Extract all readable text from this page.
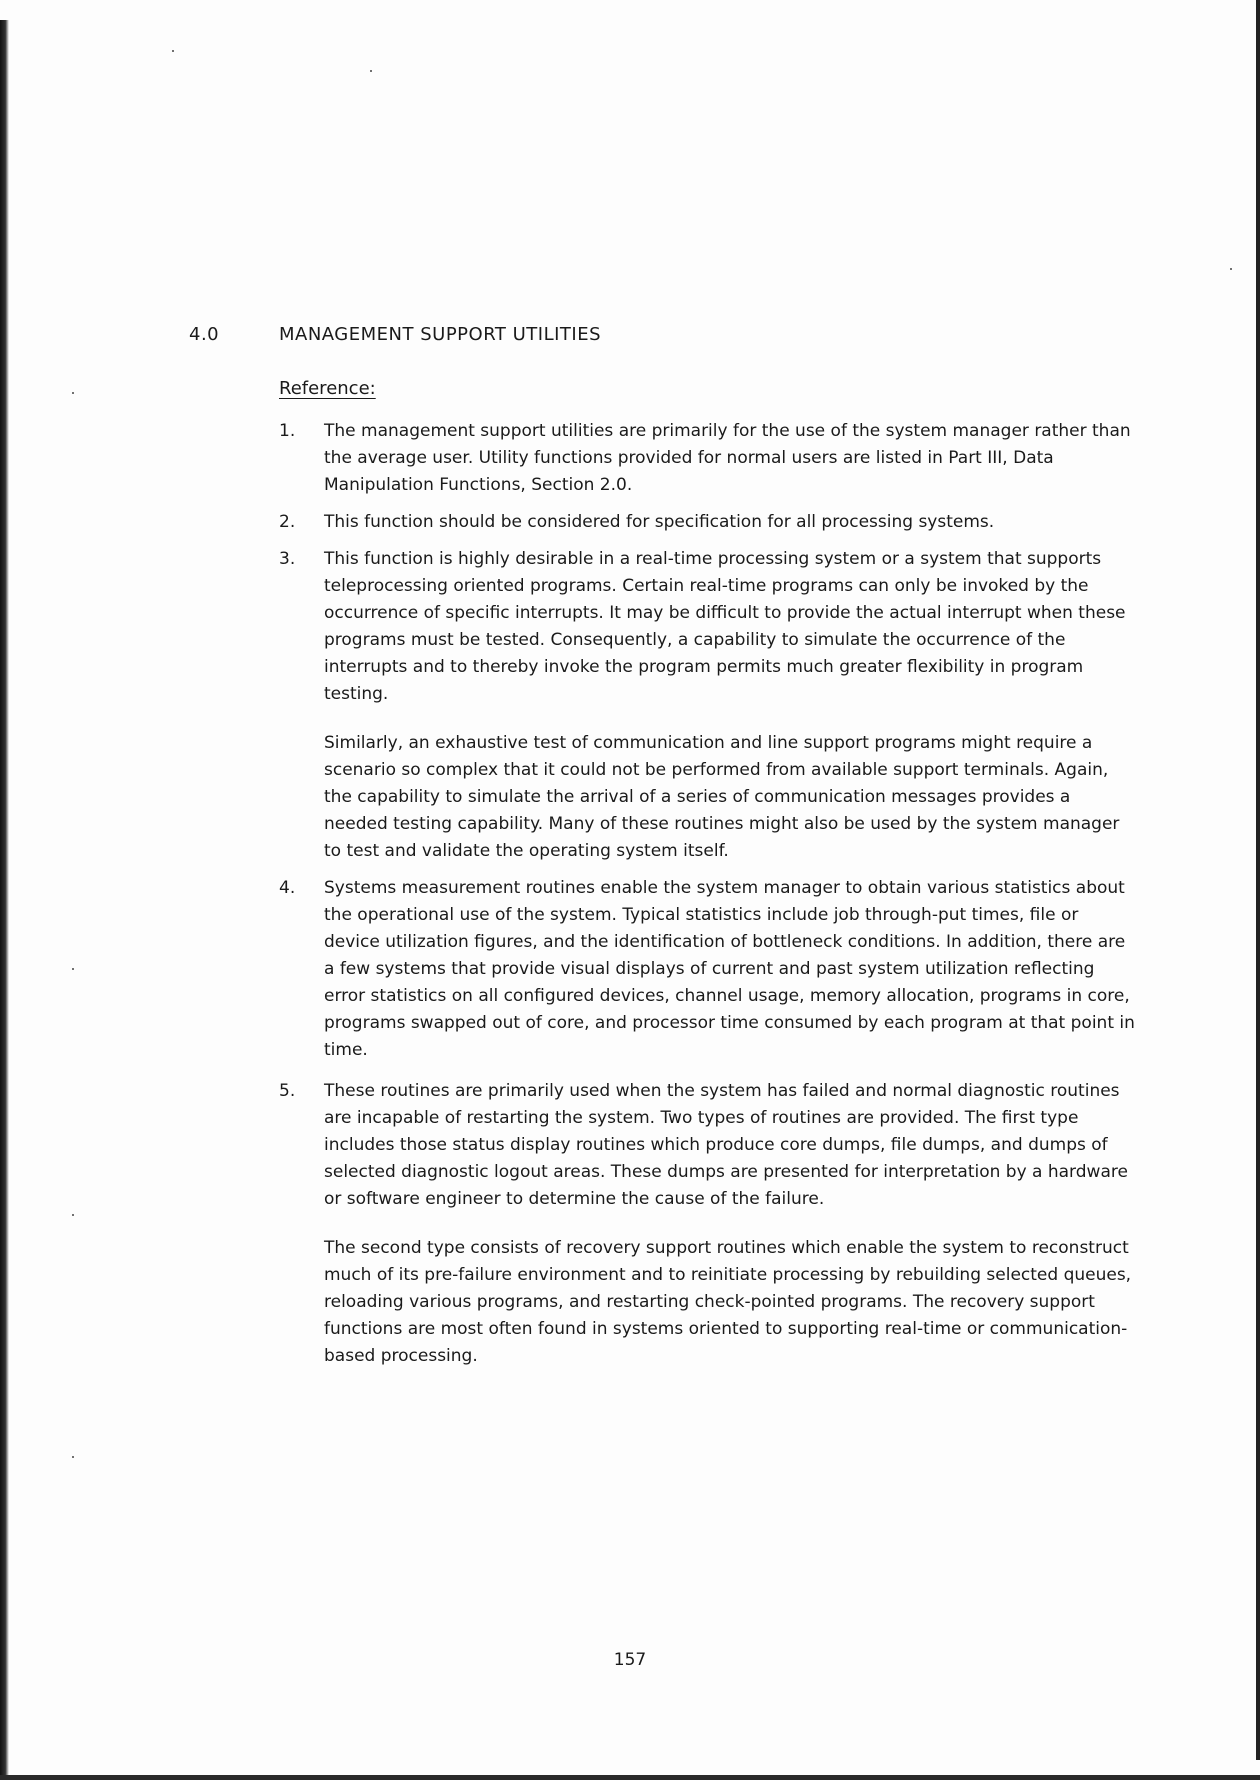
4.0	MANAGEMENT SUPPORT UTILITIES
Reference:
1.	The management support utilities are primarily for the use of the system manager rather than the average user. Utility functions provided for normal users are listed in Part III, Data Manipulation Functions, Section 2.0.

2.	This function should be considered for specification for all processing systems.

3.	This function is highly desirable in a real-time processing system or a system that supports teleprocessing oriented programs. Certain real-time programs can only be invoked by the occurrence of specific interrupts. It may be difficult to provide the actual interrupt when these programs must be tested. Consequently, a capability to simulate the occurrence of the interrupts and to thereby invoke the program permits much greater flexibility in program testing.

Similarly, an exhaustive test of communication and line support programs might require a scenario so complex that it could not be performed from available support terminals. Again, the capability to simulate the arrival of a series of communication messages provides a needed testing capability. Many of these routines might also be used by the system manager to test and validate the operating system itself.

4.	Systems measurement routines enable the system manager to obtain various statistics about the operational use of the system. Typical statistics include job through-put times, file or device utilization figures, and the identification of bottleneck conditions. In addition, there are a few systems that provide visual displays of current and past system utilization reflecting error statistics on all configured devices, channel usage, memory allocation, programs in core, programs swapped out of core, and processor time consumed by each program at that point in time.

5.	These routines are primarily used when the system has failed and normal diagnostic routines are incapable of restarting the system. Two types of routines are provided. The first type includes those status display routines which produce core dumps, file dumps, and dumps of selected diagnostic logout areas. These dumps are presented for interpretation by a hardware or software engineer to determine the cause of the failure.

The second type consists of recovery support routines which enable the system to reconstruct much of its pre-failure environment and to reinitiate processing by rebuilding selected queues, reloading various programs, and restarting check-pointed programs. The recovery support functions are most often found in systems oriented to supporting real-time or communication-based processing.

157
